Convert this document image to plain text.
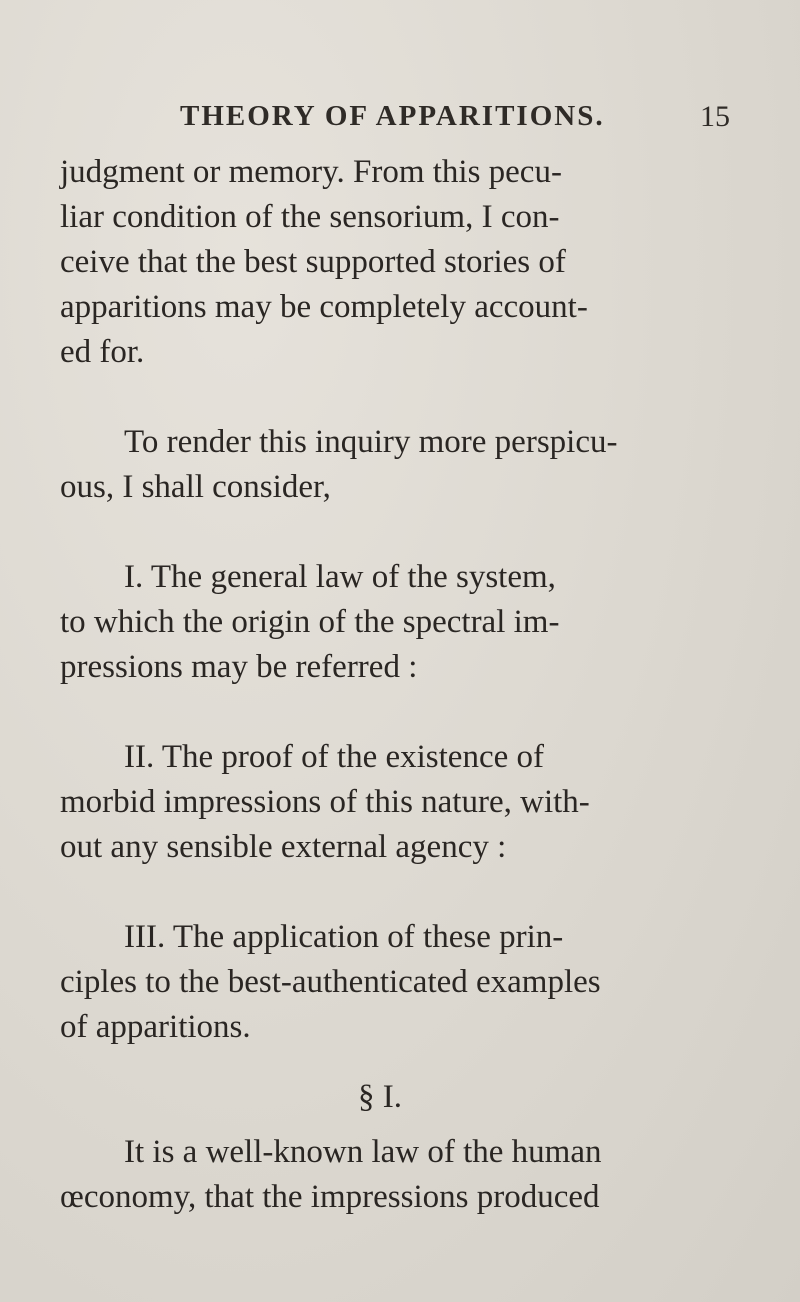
THEORY OF APPARITIONS.	15
judgment or memory. From this pecu-
liar condition of the sensorium, I con-
ceive that the best supported stories of
apparitions may be completely account-
ed for.
To render this inquiry more perspicu-
ous, I shall consider,
I. The general law of the system,
to which the origin of the spectral im-
pressions may be referred :
II. The proof of the existence of
morbid impressions of this nature, with-
out any sensible external agency :
III. The application of these prin-
ciples to the best-authenticated examples
of apparitions.
§ I.
It is a well-known law of the human
œconomy, that the impressions produced
